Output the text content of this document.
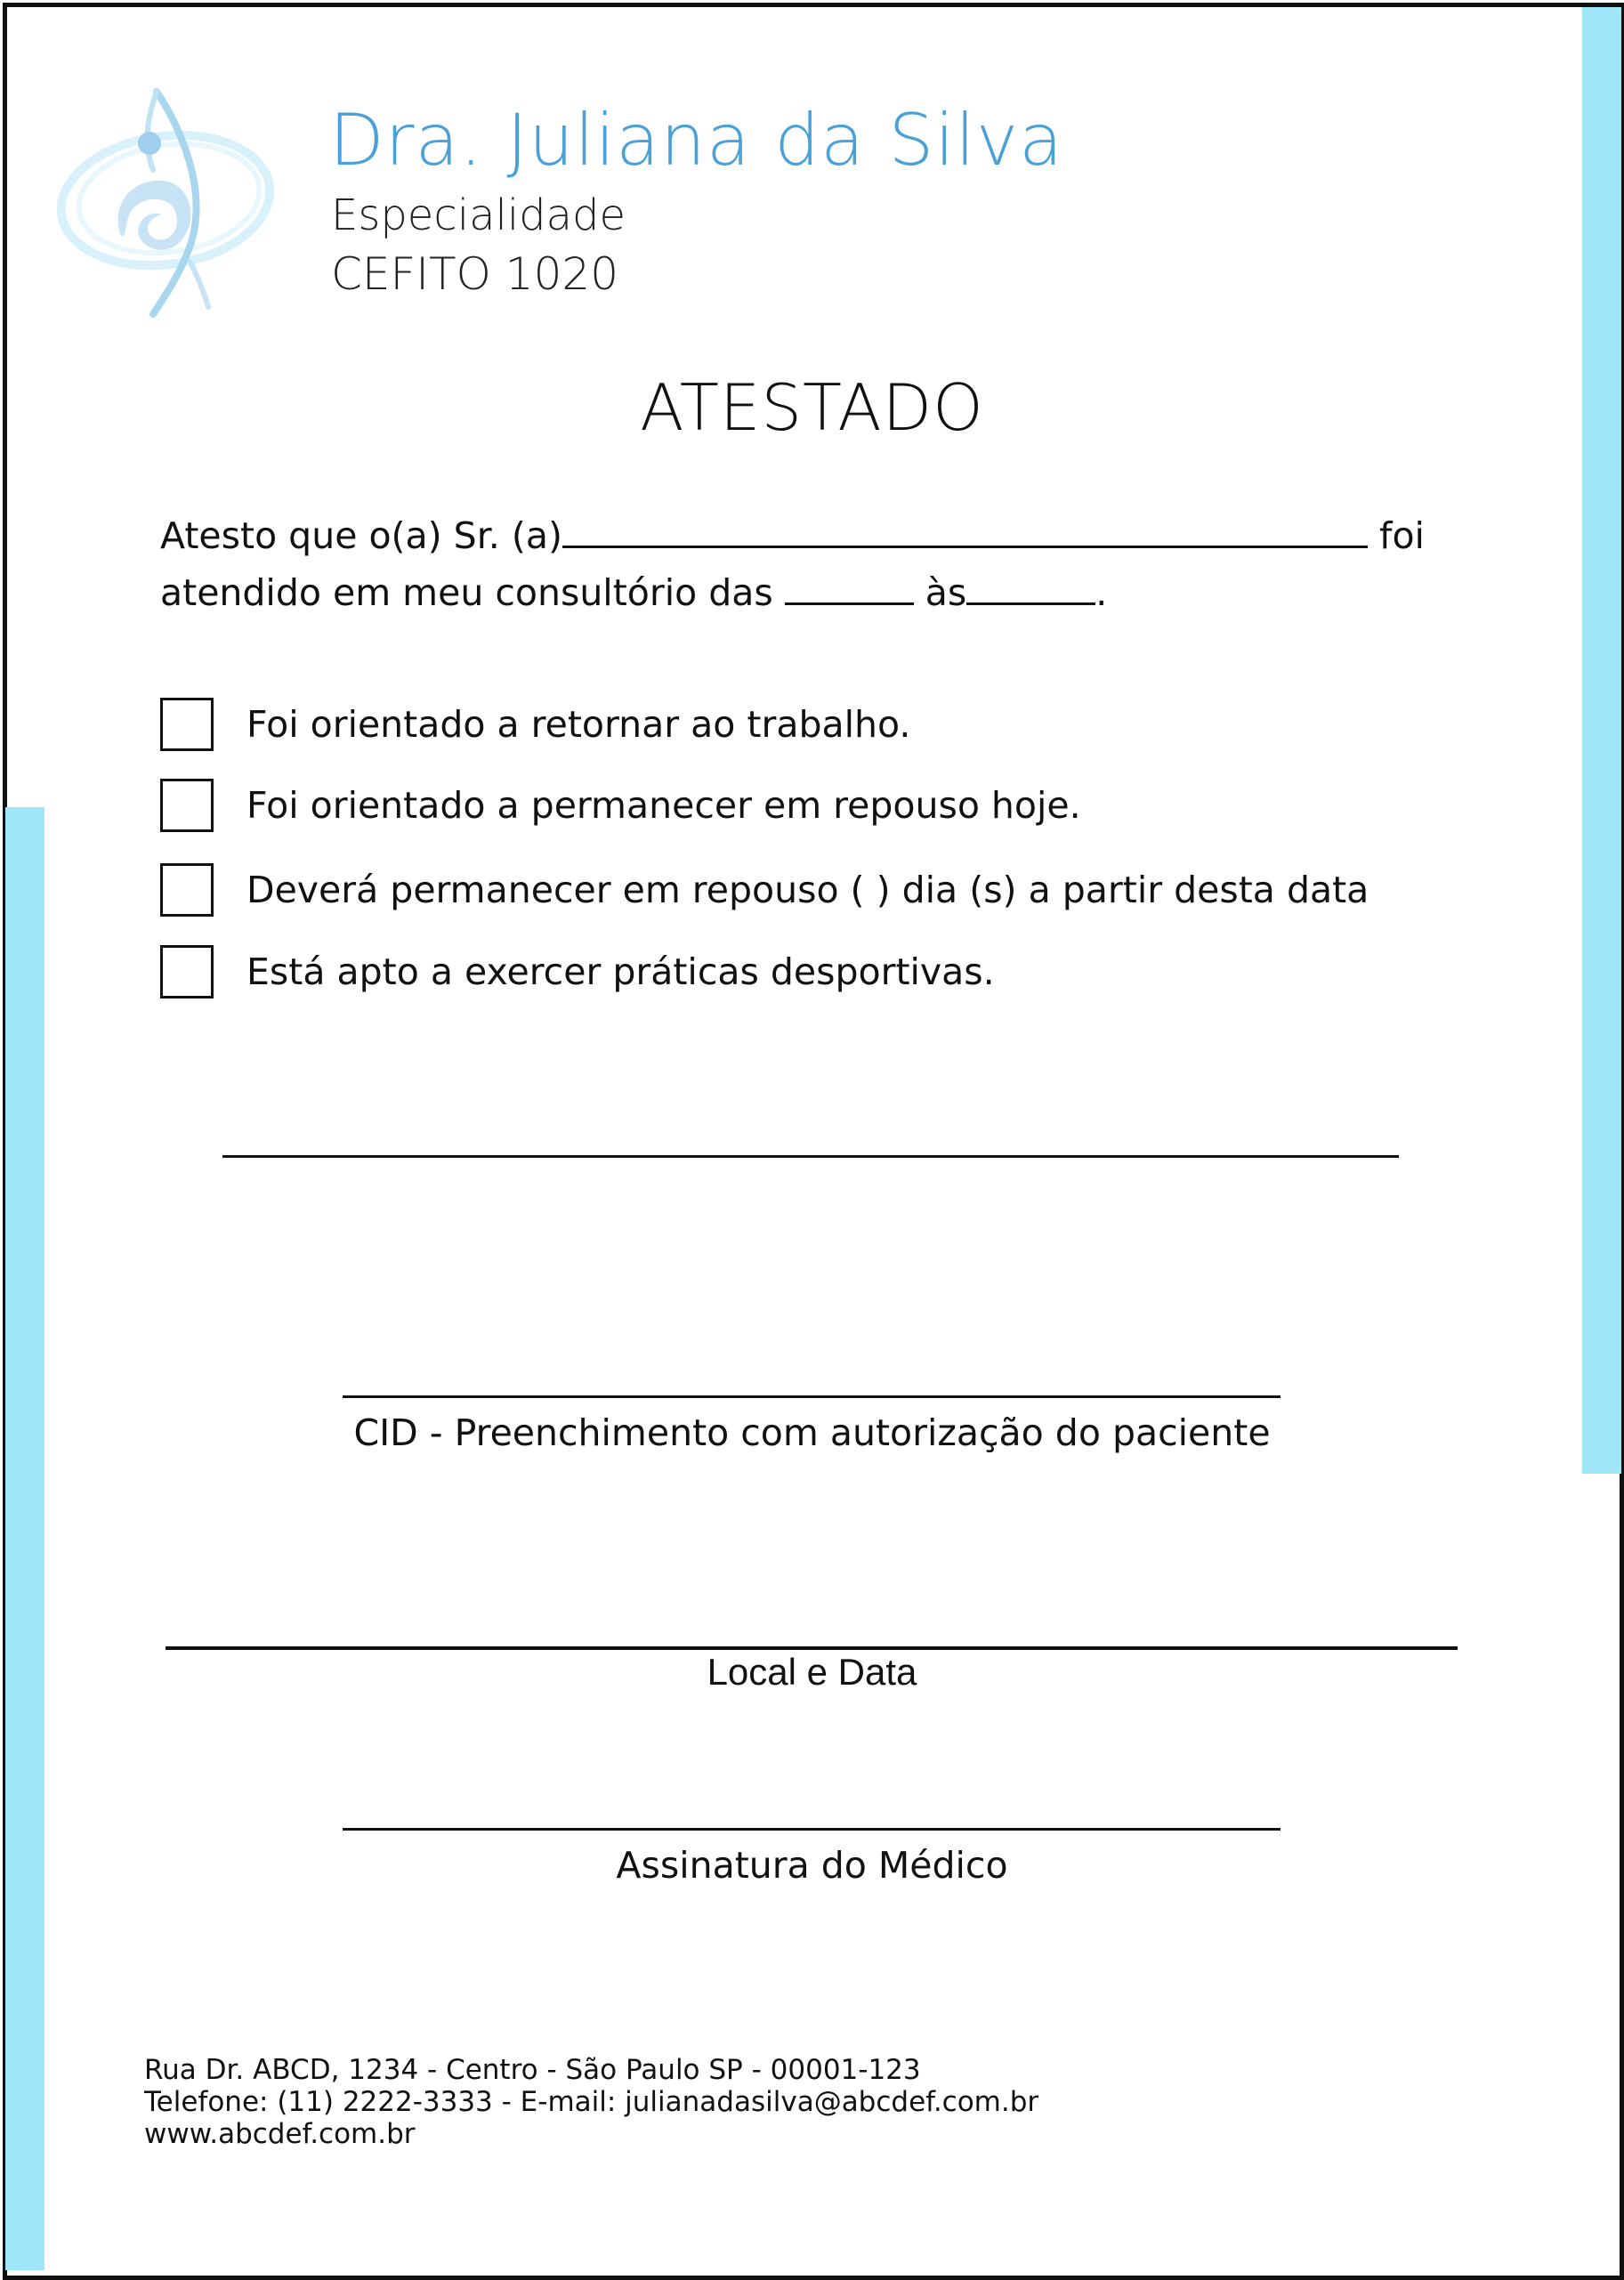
Dra. Juliana da Silva
Especialidade
CEFITO 1020
ATESTADO
Atesto que o(a) Sr. (a)	foi
atendido em meu consultório das	às	.
Foi orientado a retornar ao trabalho.
Foi orientado a permanecer em repouso hoje.
Deverá permanecer em repouso ( ) dia (s) a partir desta data
Está apto a exercer práticas desportivas.
CID - Preenchimento com autorização do paciente
Local e Data
Assinatura do Médico
Rua Dr. ABCD, 1234 - Centro - São Paulo SP - 00001-123
Telefone: (11) 2222-3333 - E-mail: julianadasilva@abcdef.com.br
www.abcdef.com.br
